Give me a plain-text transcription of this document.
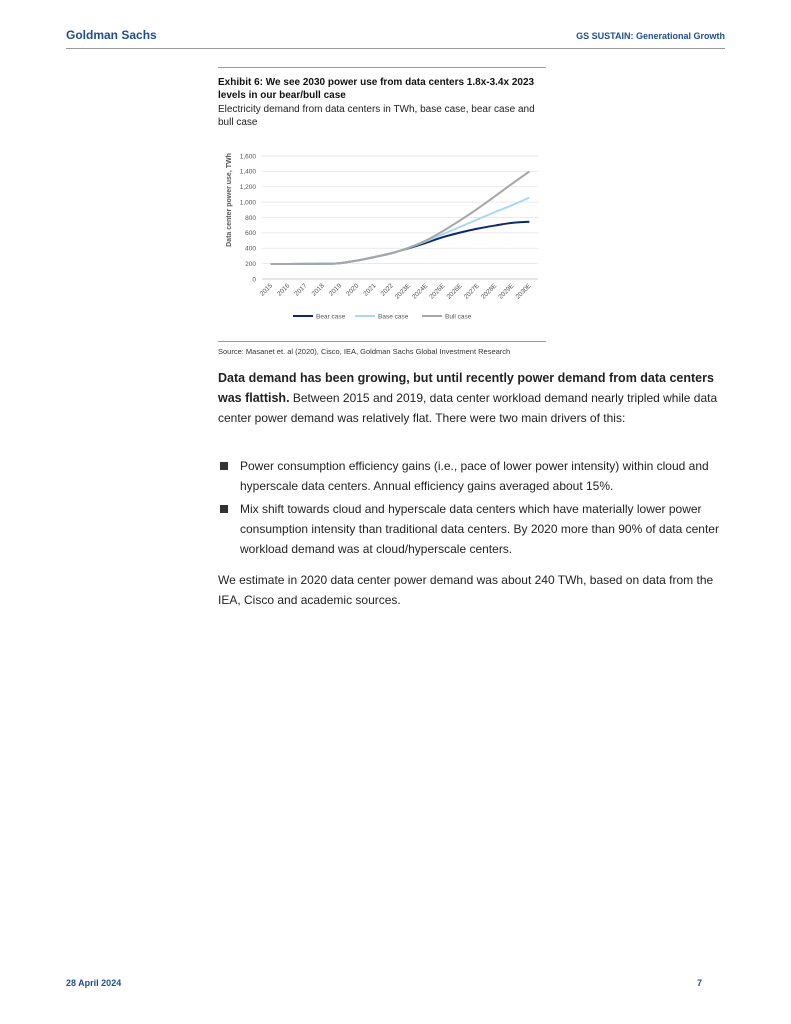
Goldman Sachs	GS SUSTAIN: Generational Growth
Exhibit 6: We see 2030 power use from data centers 1.8x-3.4x 2023 levels in our bear/bull case
Electricity demand from data centers in TWh, base case, bear case and bull case
0
200
400
600
800
1,000
1,200
1,400
1,600
2015 2016 2017 2018 2019 2020 2021 2022 2023E 2024E 2025E 2026E 2027E 2028E 2029E 2030E
Data center power use, TWh
Bear case	Base case	Bull case
Source: Masanet et. al (2020), Cisco, IEA, Goldman Sachs Global Investment Research
Data demand has been growing, but until recently power demand from data centers was flattish. Between 2015 and 2019, data center workload demand nearly tripled while data center power demand was relatively flat. There were two main drivers of this:
Power consumption efficiency gains (i.e., pace of lower power intensity) within cloud and hyperscale data centers. Annual efficiency gains averaged about 15%.
Mix shift towards cloud and hyperscale data centers which have materially lower power consumption intensity than traditional data centers. By 2020 more than 90% of data center workload demand was at cloud/hyperscale centers.
We estimate in 2020 data center power demand was about 240 TWh, based on data from the IEA, Cisco and academic sources.
28 April 2024	7
